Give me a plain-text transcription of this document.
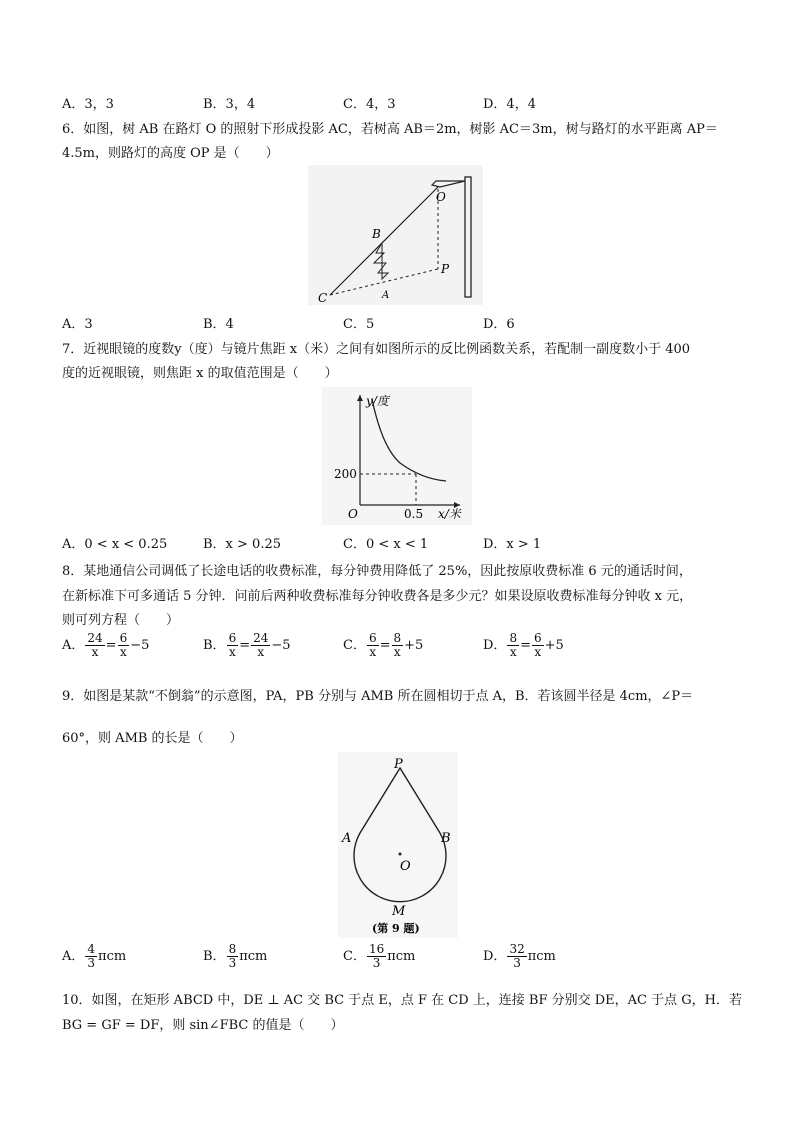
A．3，3	B．3，4	C．4，3	D．4，4
6．如图，树 AB 在路灯 O 的照射下形成投影 AC，若树高 AB＝2m，树影 AC＝3m，树与路灯的水平距离 AP＝
4.5m，则路灯的高度 OP 是（　　）
B
O
P
C	A
A．3	B．4	C．5	D．6
7．近视眼镜的度数y（度）与镜片焦距 x（米）之间有如图所示的反比例函数关系，若配制一副度数小于 400
度的近视眼镜，则焦距 x 的取值范围是（　　）
y/度
x/米
O
200
0.5
A．0 < x < 0.25	B．x > 0.25	C．0 < x < 1	D．x > 1
8．某地通信公司调低了长途电话的收费标准，每分钟费用降低了 25%，因此按原收费标准 6 元的通话时间，
在新标准下可多通话 5 分钟．问前后两种收费标准每分钟收费各是多少元？如果设原收费标准每分钟收 x 元，
则可列方程（　　）
A． $\frac{24}{x} = \frac{6}{x} -5$	B． $\frac{6}{x} = \frac{24}{x} -5$	C． $\frac{6}{x} = \frac{8}{x} +5$	D． $\frac{8}{x} = \frac{6}{x} +5$
9．如图是某款“不倒翁”的示意图，PA，PB 分别与 AMB 所在圆相切于点 A，B．若该圆半径是 4cm，∠P＝
60°，则 AMB 的长是（　　）
P
A	B
O
M
(第 9 题)
A． $\frac{4}{3}$ πcm	B． $\frac{8}{3}$ πcm	C． $\frac{16}{3}$ πcm	D． $\frac{32}{3}$ πcm
10．如图，在矩形 ABCD 中，DE ⊥ AC 交 BC 于点 E，点 F 在 CD 上，连接 BF 分别交 DE，AC 于点 G，H．若
BG = GF = DF，则 sin∠FBC 的值是（　　）
